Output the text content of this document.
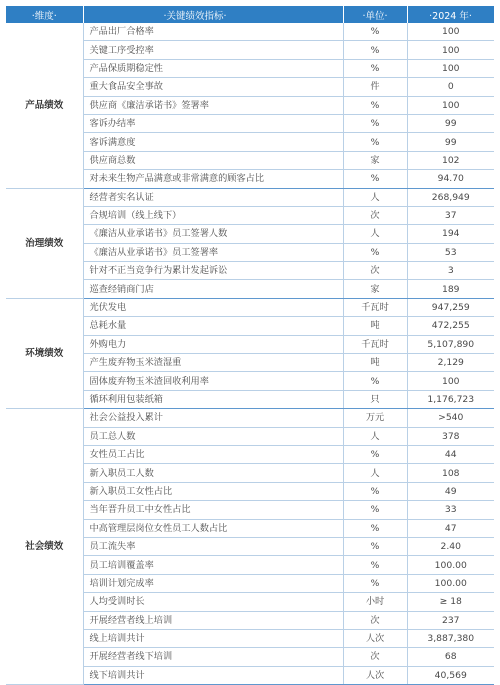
·维度·	·关键绩效指标·	·单位·	·2024 年·
产品绩效	产品出厂合格率	%	100
	关键工序受控率	%	100
	产品保质期稳定性	%	100
	重大食品安全事故	件	0
	供应商《廉洁承诺书》签署率	%	100
	客诉办结率	%	99
	客诉满意度	%	99
	供应商总数	家	102
	对未来生物产品满意或非常满意的顾客占比	%	94.70
治理绩效	经营者实名认证	人	268,949
	合规培训（线上线下）	次	37
	《廉洁从业承诺书》员工签署人数	人	194
	《廉洁从业承诺书》员工签署率	%	53
	针对不正当竞争行为累计发起诉讼	次	3
	巡查经销商门店	家	189
环境绩效	光伏发电	千瓦时	947,259
	总耗水量	吨	472,255
	外购电力	千瓦时	5,107,890
	产生废弃物玉米渣湿重	吨	2,129
	固体废弃物玉米渣回收利用率	%	100
	循环利用包装纸箱	只	1,176,723
社会绩效	社会公益投入累计	万元	>540
	员工总人数	人	378
	女性员工占比	%	44
	新入职员工人数	人	108
	新入职员工女性占比	%	49
	当年晋升员工中女性占比	%	33
	中高管理层岗位女性员工人数占比	%	47
	员工流失率	%	2.40
	员工培训覆盖率	%	100.00
	培训计划完成率	%	100.00
	人均受训时长	小时	≥ 18
	开展经营者线上培训	次	237
	线上培训共计	人次	3,887,380
	开展经营者线下培训	次	68
	线下培训共计	人次	40,569
